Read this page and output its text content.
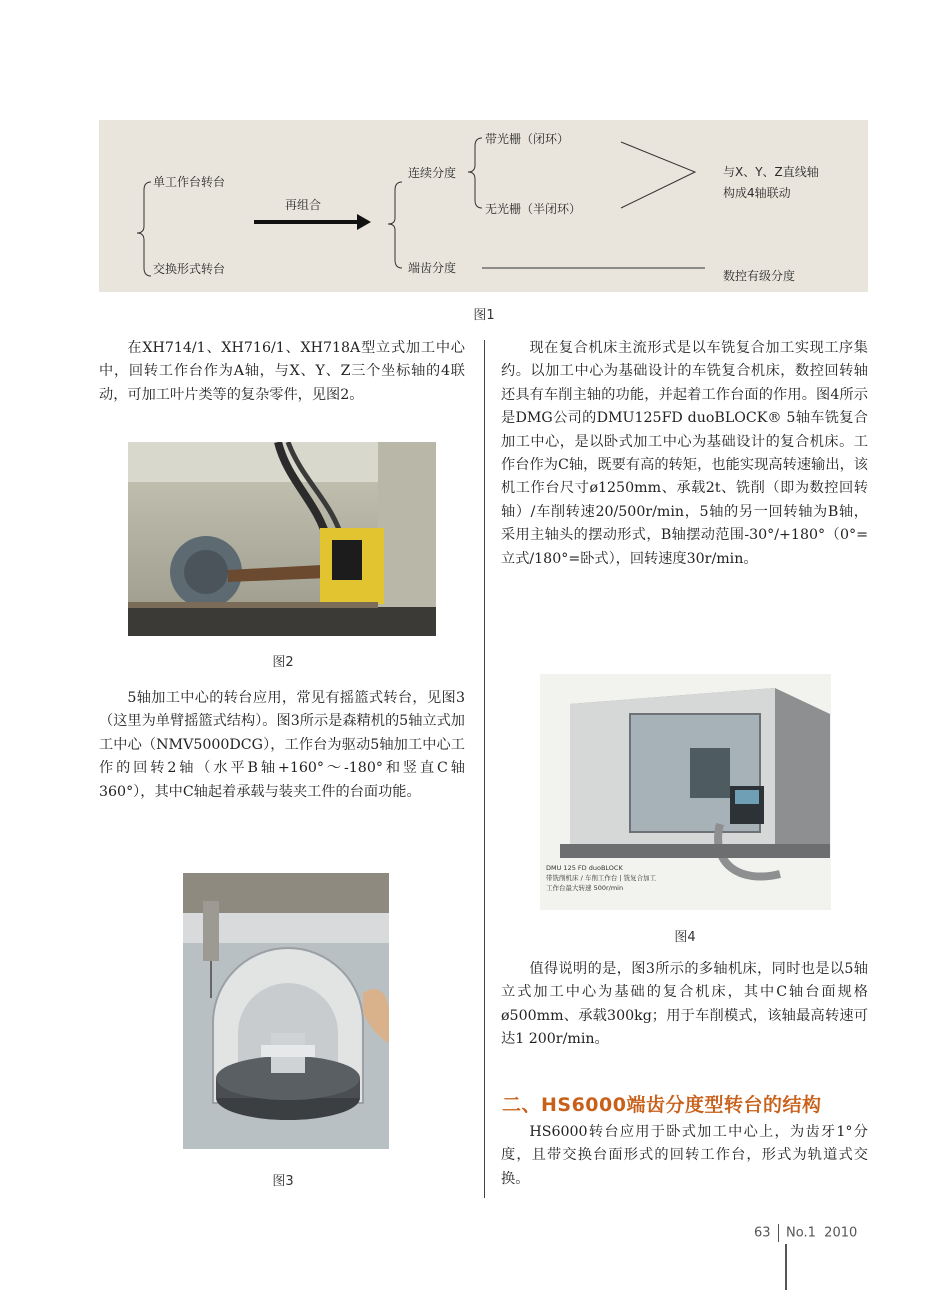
单工作台转台
交换形式转台
再组合
连续分度
端齿分度
带光栅（闭环）
无光栅（半闭环）
与X、Y、Z直线轴
构成4轴联动
数控有级分度
图1

在XH714/1、XH716/1、XH718A型立式加工中心中，回转工作台作为A轴，与X、Y、Z三个坐标轴的4联动，可加工叶片类等的复杂零件，见图2。

图2

5轴加工中心的转台应用，常见有摇篮式转台，见图3（这里为单臂摇篮式结构）。图3所示是森精机的5轴立式加工中心（NMV5000DCG），工作台为驱动5轴加工中心工作的回转2轴（水平B轴+160°～-180°和竖直C轴360°），其中C轴起着承载与装夹工件的台面功能。

图3

现在复合机床主流形式是以车铣复合加工实现工序集约。以加工中心为基础设计的车铣复合机床，数控回转轴还具有车削主轴的功能，并起着工作台面的作用。图4所示是DMG公司的DMU125FD duoBLOCK® 5轴车铣复合加工中心，是以卧式加工中心为基础设计的复合机床。工作台作为C轴，既要有高的转矩，也能实现高转速输出，该机工作台尺寸ø1250mm、承载2t、铣削（即为数控回转轴）/车削转速20/500r/min，5轴的另一回转轴为B轴，采用主轴头的摆动形式，B轴摆动范围-30°/+180°（0°=立式/180°=卧式），回转速度30r/min。

DMU 125 FD duoBLOCK
带铣削机床 / 车削工作台 | 铣复合加工
工作台最大转速 500r/min
图4

值得说明的是，图3所示的多轴机床，同时也是以5轴立式加工中心为基础的复合机床，其中C轴台面规格ø500mm、承载300kg；用于车削模式，该轴最高转速可达1 200r/min。

二、HS6000端齿分度型转台的结构

HS6000转台应用于卧式加工中心上，为齿牙1°分度，且带交换台面形式的回转工作台，形式为轨道式交换。

63 No.1 2010
